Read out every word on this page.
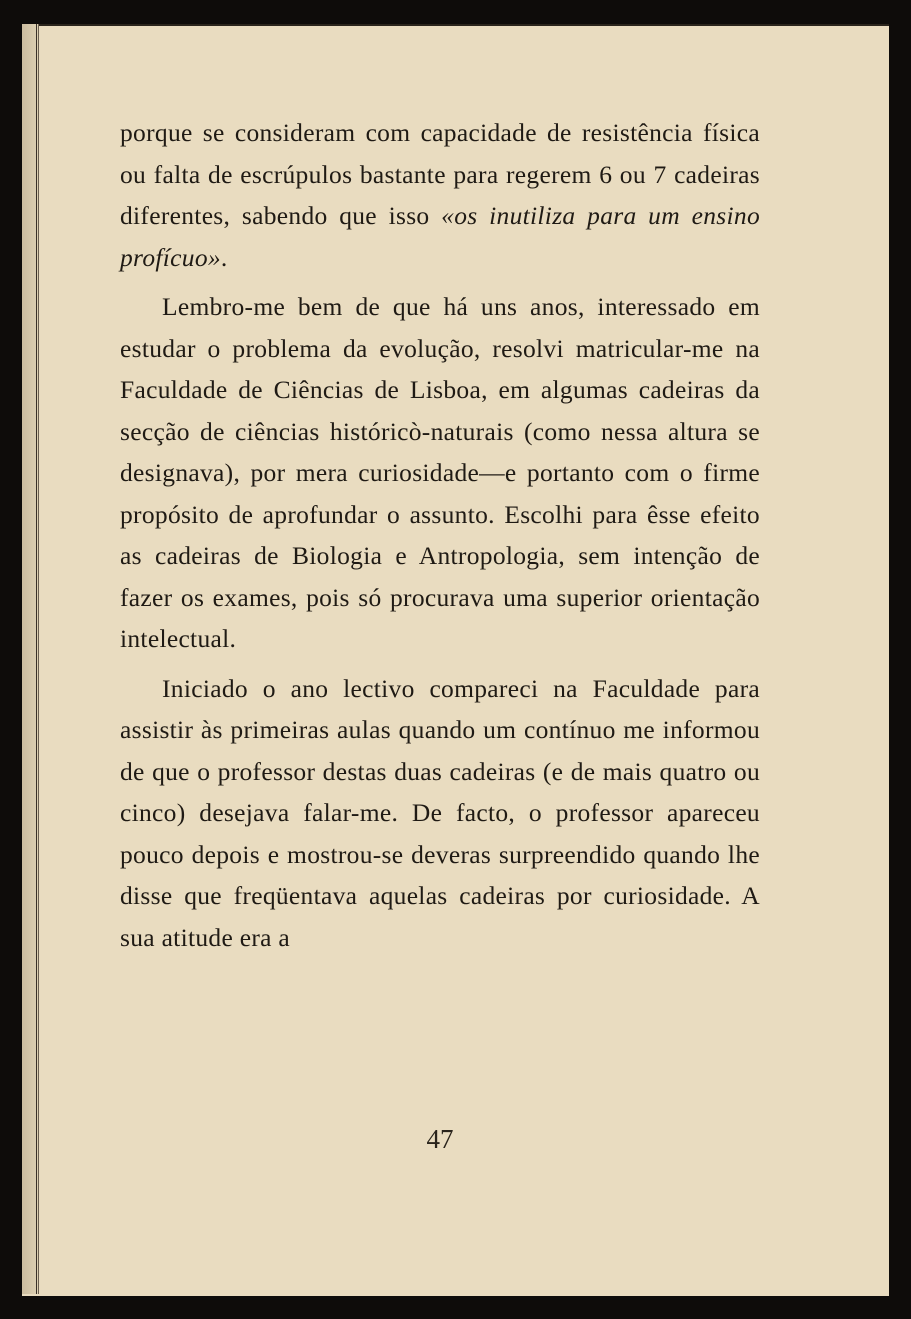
porque se consideram com capacidade de resistência física ou falta de escrúpulos bastante para regerem 6 ou 7 cadeiras diferentes, sabendo que isso «os inutiliza para um ensino profícuo».

Lembro-me bem de que há uns anos, interessado em estudar o problema da evolução, resolvi matricular-me na Faculdade de Ciências de Lisboa, em algumas cadeiras da secção de ciências históricò-naturais (como nessa altura se designava), por mera curiosidade—e portanto com o firme propósito de aprofundar o assunto. Escolhi para êsse efeito as cadeiras de Biologia e Antropologia, sem intenção de fazer os exames, pois só procurava uma superior orientação intelectual.

Iniciado o ano lectivo compareci na Faculdade para assistir às primeiras aulas quando um contínuo me informou de que o professor destas duas cadeiras (e de mais quatro ou cinco) desejava falar-me. De facto, o professor apareceu pouco depois e mostrou-se deveras surpreendido quando lhe disse que freqüentava aquelas cadeiras por curiosidade. A sua atitude era a

47
